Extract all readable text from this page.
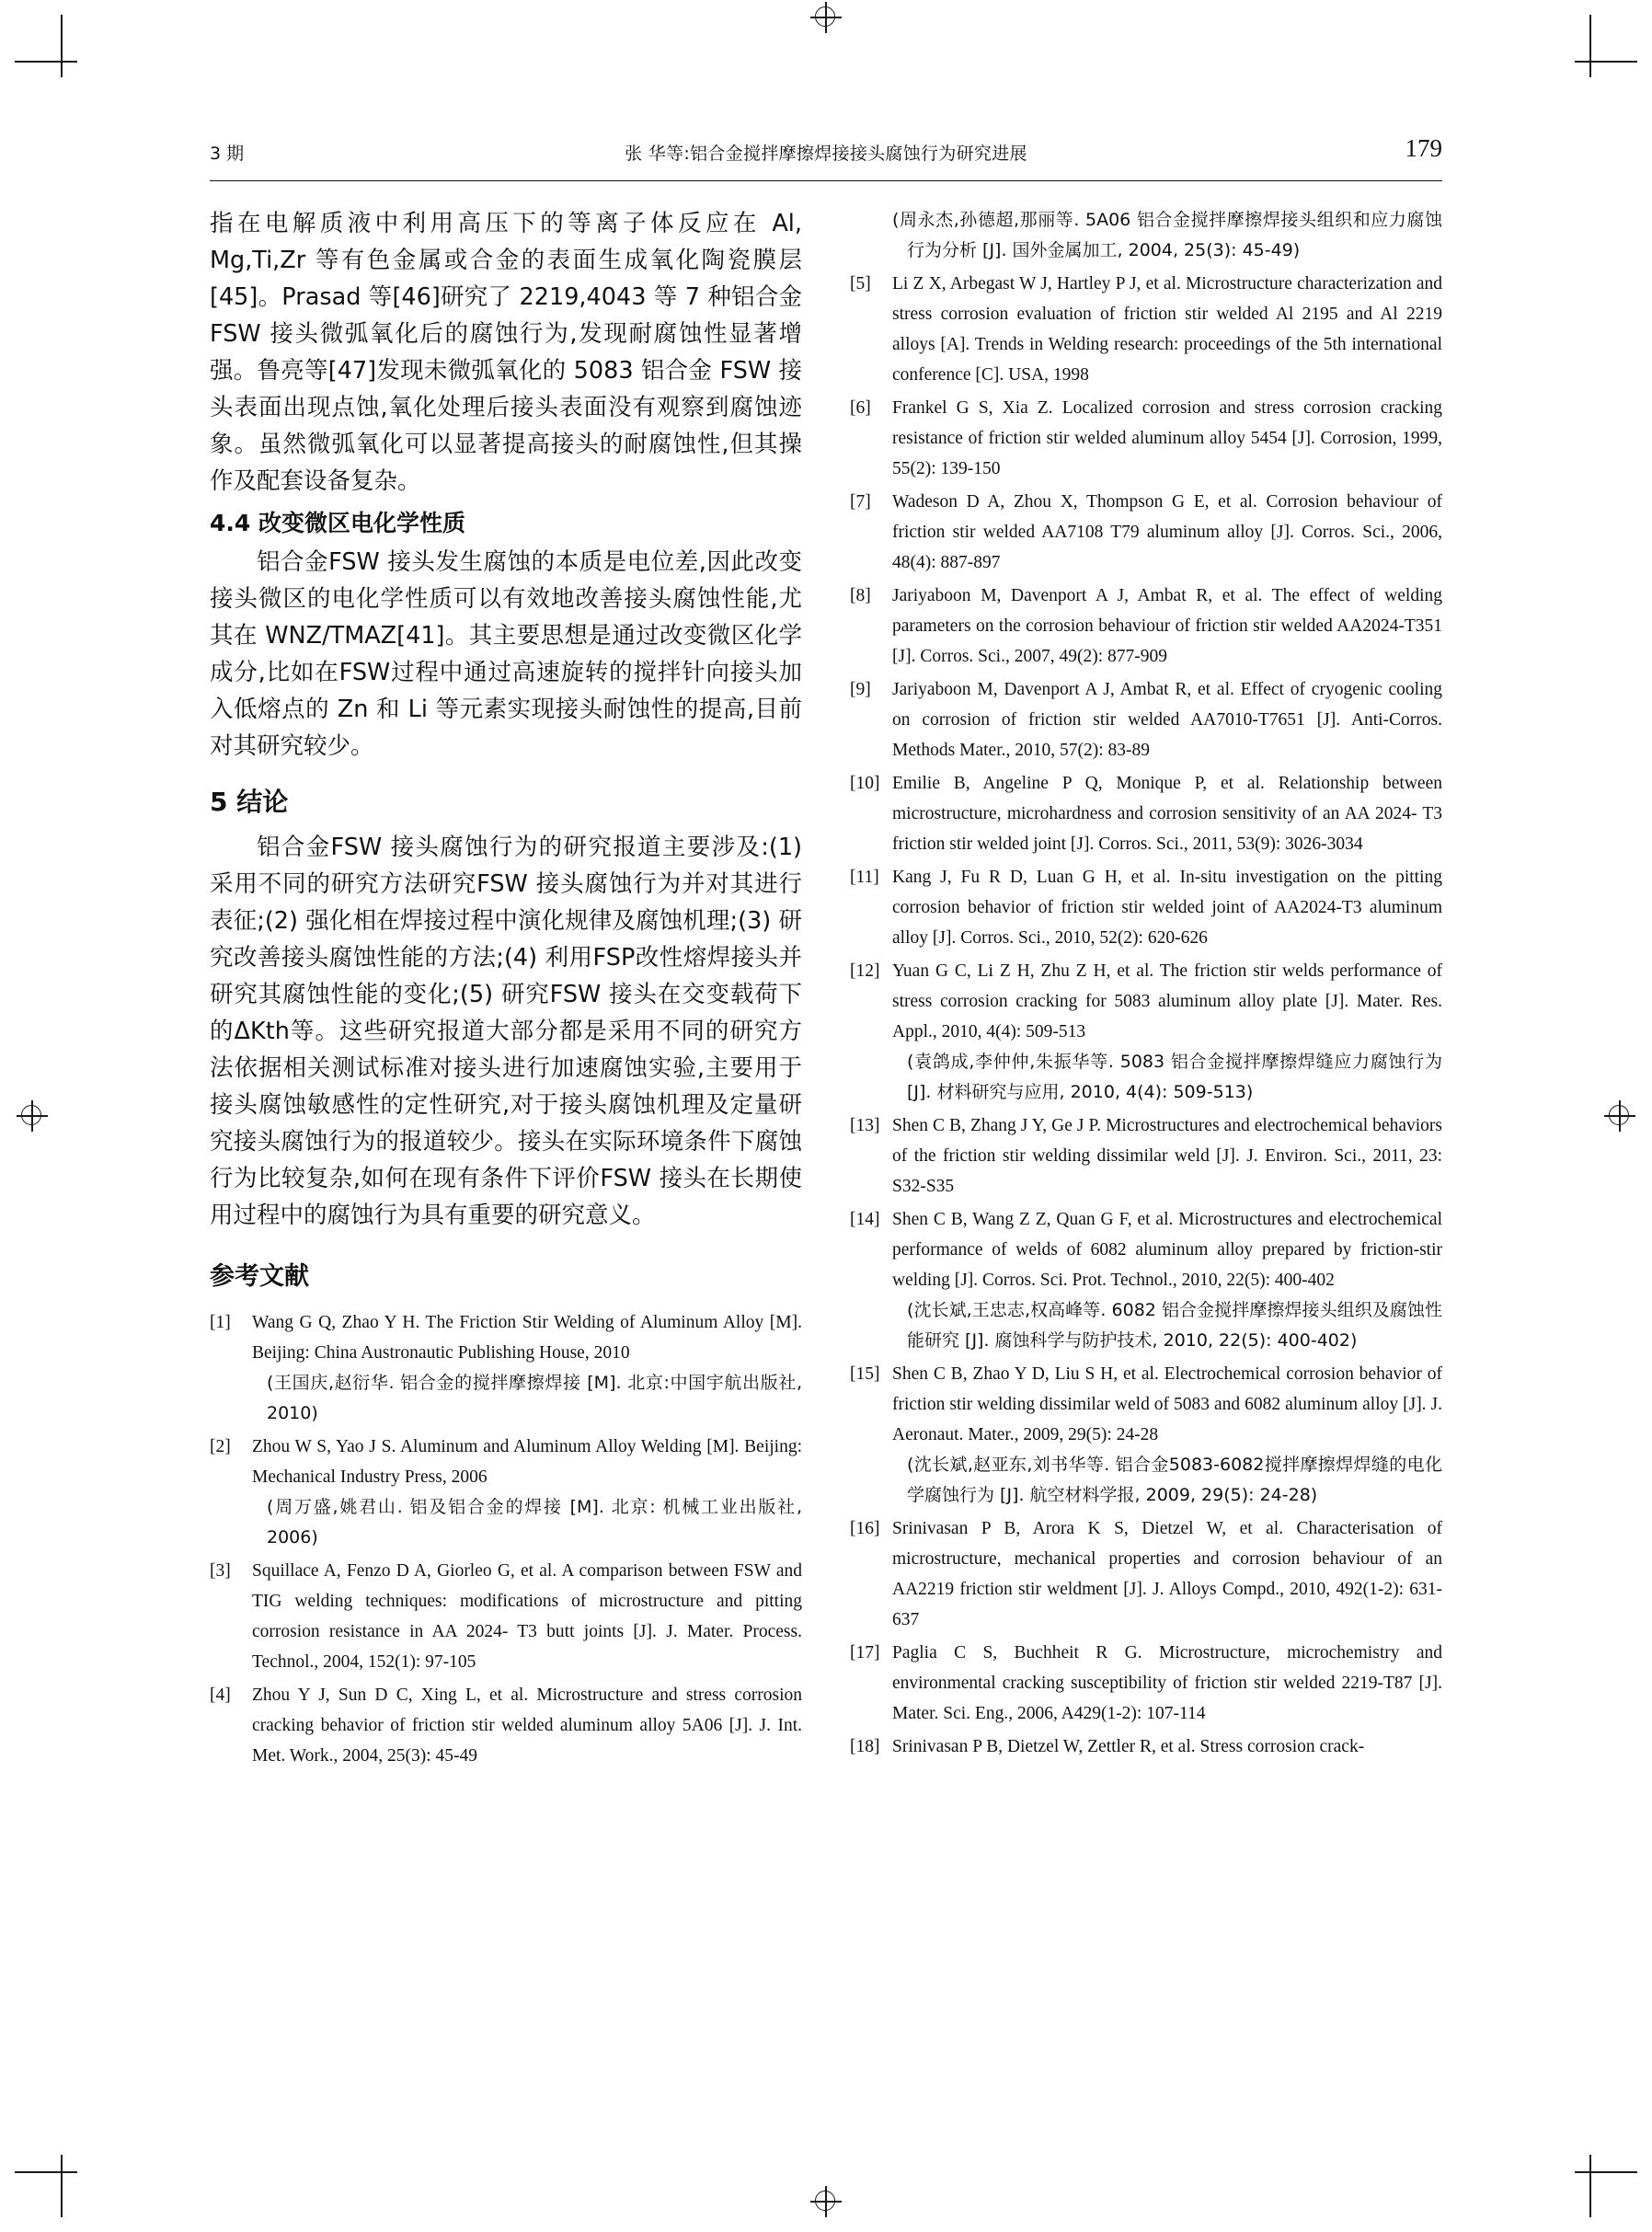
3 期	张 华等:铝合金搅拌摩擦焊接接头腐蚀行为研究进展	179

指在电解质液中利用高压下的等离子体反应在 Al, Mg,Ti,Zr 等有色金属或合金的表面生成氧化陶瓷膜层[45]。Prasad 等[46]研究了 2219,4043 等 7 种铝合金 FSW 接头微弧氧化后的腐蚀行为,发现耐腐蚀性显著增强。鲁亮等[47]发现未微弧氧化的 5083 铝合金 FSW 接头表面出现点蚀,氧化处理后接头表面没有观察到腐蚀迹象。虽然微弧氧化可以显著提高接头的耐腐蚀性,但其操作及配套设备复杂。

4.4 改变微区电化学性质

铝合金FSW 接头发生腐蚀的本质是电位差,因此改变接头微区的电化学性质可以有效地改善接头腐蚀性能,尤其在 WNZ/TMAZ[41]。其主要思想是通过改变微区化学成分,比如在FSW过程中通过高速旋转的搅拌针向接头加入低熔点的 Zn 和 Li 等元素实现接头耐蚀性的提高,目前对其研究较少。

5 结论

铝合金FSW 接头腐蚀行为的研究报道主要涉及:(1) 采用不同的研究方法研究FSW 接头腐蚀行为并对其进行表征;(2) 强化相在焊接过程中演化规律及腐蚀机理;(3) 研究改善接头腐蚀性能的方法;(4) 利用FSP改性熔焊接头并研究其腐蚀性能的变化;(5) 研究FSW 接头在交变载荷下的ΔKth等。这些研究报道大部分都是采用不同的研究方法依据相关测试标准对接头进行加速腐蚀实验,主要用于接头腐蚀敏感性的定性研究,对于接头腐蚀机理及定量研究接头腐蚀行为的报道较少。接头在实际环境条件下腐蚀行为比较复杂,如何在现有条件下评价FSW 接头在长期使用过程中的腐蚀行为具有重要的研究意义。

参考文献
[1]	Wang G Q, Zhao Y H. The Friction Stir Welding of Aluminum Alloy [M]. Beijing: China Austronautic Publishing House, 2010
(王国庆,赵衍华. 铝合金的搅拌摩擦焊接 [M]. 北京:中国宇航出版社, 2010)
[2]	Zhou W S, Yao J S. Aluminum and Aluminum Alloy Welding [M]. Beijing: Mechanical Industry Press, 2006
(周万盛,姚君山. 铝及铝合金的焊接 [M]. 北京: 机械工业出版社, 2006)
[3]	Squillace A, Fenzo D A, Giorleo G, et al. A comparison between FSW and TIG welding techniques: modifications of microstructure and pitting corrosion resistance in AA 2024- T3 butt joints [J]. J. Mater. Process. Technol., 2004, 152(1): 97-105
[4]	Zhou Y J, Sun D C, Xing L, et al. Microstructure and stress corrosion cracking behavior of friction stir welded aluminum alloy 5A06 [J]. J. Int. Met. Work., 2004, 25(3): 45-49

(周永杰,孙德超,那丽等. 5A06 铝合金搅拌摩擦焊接头组织和应力腐蚀行为分析 [J]. 国外金属加工, 2004, 25(3): 45-49)

[5]	Li Z X, Arbegast W J, Hartley P J, et al. Microstructure characterization and stress corrosion evaluation of friction stir welded Al 2195 and Al 2219 alloys [A]. Trends in Welding research: proceedings of the 5th international conference [C]. USA, 1998
[6]	Frankel G S, Xia Z. Localized corrosion and stress corrosion cracking resistance of friction stir welded aluminum alloy 5454 [J]. Corrosion, 1999, 55(2): 139-150
[7]	Wadeson D A, Zhou X, Thompson G E, et al. Corrosion behaviour of friction stir welded AA7108 T79 aluminum alloy [J]. Corros. Sci., 2006, 48(4): 887-897
[8]	Jariyaboon M, Davenport A J, Ambat R, et al. The effect of welding parameters on the corrosion behaviour of friction stir welded AA2024-T351 [J]. Corros. Sci., 2007, 49(2): 877-909
[9]	Jariyaboon M, Davenport A J, Ambat R, et al. Effect of cryogenic cooling on corrosion of friction stir welded AA7010-T7651 [J]. Anti-Corros. Methods Mater., 2010, 57(2): 83-89
[10] Emilie B, Angeline P Q, Monique P, et al. Relationship between microstructure, microhardness and corrosion sensitivity of an AA 2024- T3 friction stir welded joint [J]. Corros. Sci., 2011, 53(9): 3026-3034
[11] Kang J, Fu R D, Luan G H, et al. In-situ investigation on the pitting corrosion behavior of friction stir welded joint of AA2024-T3 aluminum alloy [J]. Corros. Sci., 2010, 52(2): 620-626
[12] Yuan G C, Li Z H, Zhu Z H, et al. The friction stir welds performance of stress corrosion cracking for 5083 aluminum alloy plate [J]. Mater. Res. Appl., 2010, 4(4): 509-513
(袁鸽成,李仲仲,朱振华等. 5083 铝合金搅拌摩擦焊缝应力腐蚀行为 [J]. 材料研究与应用, 2010, 4(4): 509-513)
[13] Shen C B, Zhang J Y, Ge J P. Microstructures and electrochemical behaviors of the friction stir welding dissimilar weld [J]. J. Environ. Sci., 2011, 23: S32-S35
[14] Shen C B, Wang Z Z, Quan G F, et al. Microstructures and electrochemical performance of welds of 6082 aluminum alloy prepared by friction-stir welding [J]. Corros. Sci. Prot. Technol., 2010, 22(5): 400-402
(沈长斌,王忠志,权高峰等. 6082 铝合金搅拌摩擦焊接头组织及腐蚀性能研究 [J]. 腐蚀科学与防护技术, 2010, 22(5): 400-402)
[15] Shen C B, Zhao Y D, Liu S H, et al. Electrochemical corrosion behavior of friction stir welding dissimilar weld of 5083 and 6082 aluminum alloy [J]. J. Aeronaut. Mater., 2009, 29(5): 24-28
(沈长斌,赵亚东,刘书华等. 铝合金5083-6082搅拌摩擦焊焊缝的电化学腐蚀行为 [J]. 航空材料学报, 2009, 29(5): 24-28)
[16] Srinivasan P B, Arora K S, Dietzel W, et al. Characterisation of microstructure, mechanical properties and corrosion behaviour of an AA2219 friction stir weldment [J]. J. Alloys Compd., 2010, 492(1-2): 631-637
[17] Paglia C S, Buchheit R G. Microstructure, microchemistry and environmental cracking susceptibility of friction stir welded 2219-T87 [J]. Mater. Sci. Eng., 2006, A429(1-2): 107-114
[18] Srinivasan P B, Dietzel W, Zettler R, et al. Stress corrosion crack-
